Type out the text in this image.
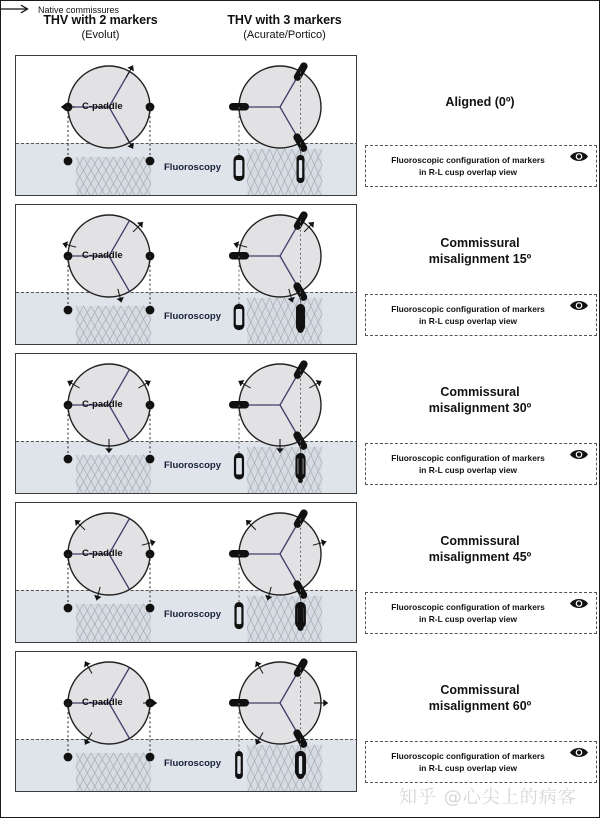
THV with 2 markers
(Evolut)
THV with 3 markers
(Acurate/Portico)
Native commissures
Fluoroscopy
C-paddle	Aligned (0º)
Fluoroscopic configuration of markers
in R-L cusp overlap view
Fluoroscopy
C-paddle
Commissural
misalignment 15º
Fluoroscopic configuration of markers
in R-L cusp overlap view
Fluoroscopy
C-paddle
Commissural
misalignment 30º
Fluoroscopic configuration of markers
in R-L cusp overlap view
Fluoroscopy
C-paddle
Commissural
misalignment 45º
Fluoroscopic configuration of markers
in R-L cusp overlap view
Fluoroscopy
C-paddle
Commissural
misalignment 60º
Fluoroscopic configuration of markers
in R-L cusp overlap view
知乎 @心尖上的病客
